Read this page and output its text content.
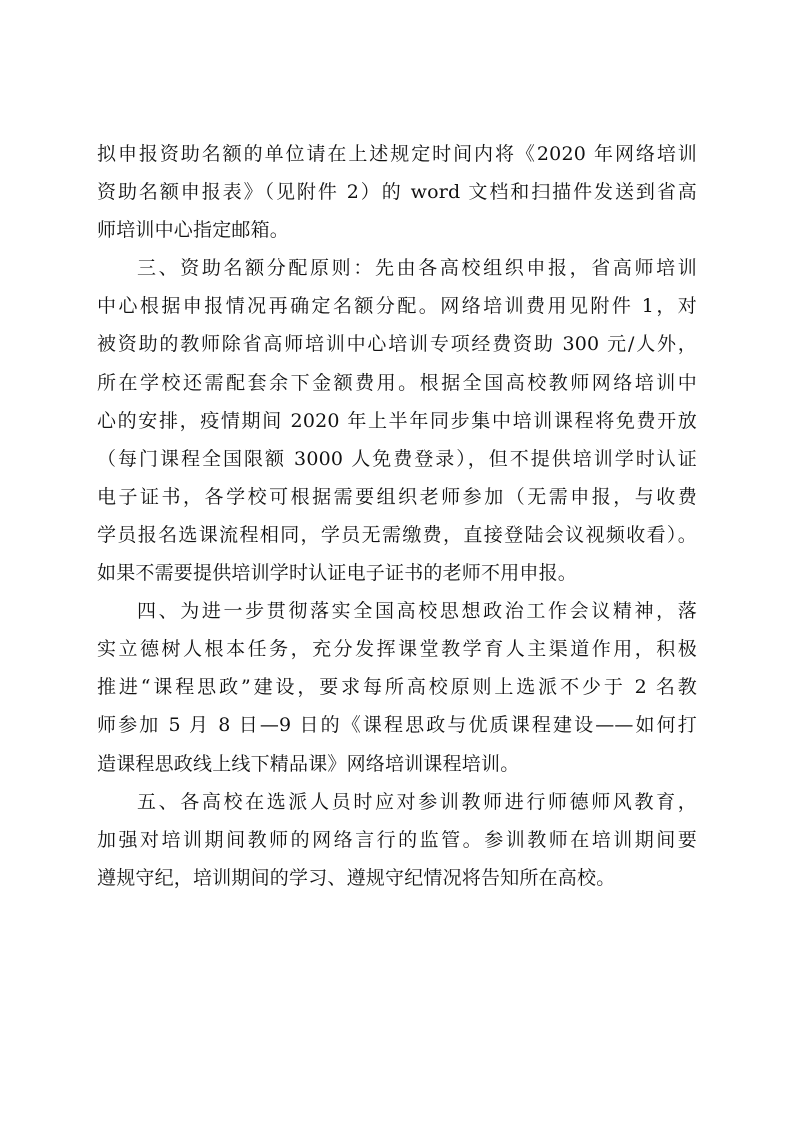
拟申报资助名额的单位请在上述规定时间内将《2020 年网络培训
资助名额申报表》（见附件 2）的 word 文档和扫描件发送到省高
师培训中心指定邮箱。
三、资助名额分配原则：先由各高校组织申报，省高师培训
中心根据申报情况再确定名额分配。网络培训费用见附件 1，对
被资助的教师除省高师培训中心培训专项经费资助 300 元/人外，
所在学校还需配套余下金额费用。根据全国高校教师网络培训中
心的安排，疫情期间 2020 年上半年同步集中培训课程将免费开放
（每门课程全国限额 3000 人免费登录），但不提供培训学时认证
电子证书，各学校可根据需要组织老师参加（无需申报，与收费
学员报名选课流程相同，学员无需缴费，直接登陆会议视频收看）。
如果不需要提供培训学时认证电子证书的老师不用申报。
四、为进一步贯彻落实全国高校思想政治工作会议精神，落
实立德树人根本任务，充分发挥课堂教学育人主渠道作用，积极
推进“课程思政”建设，要求每所高校原则上选派不少于 2 名教
师参加 5 月 8 日—9 日的《课程思政与优质课程建设——如何打
造课程思政线上线下精品课》网络培训课程培训。
五、各高校在选派人员时应对参训教师进行师德师风教育，
加强对培训期间教师的网络言行的监管。参训教师在培训期间要
遵规守纪，培训期间的学习、遵规守纪情况将告知所在高校。
